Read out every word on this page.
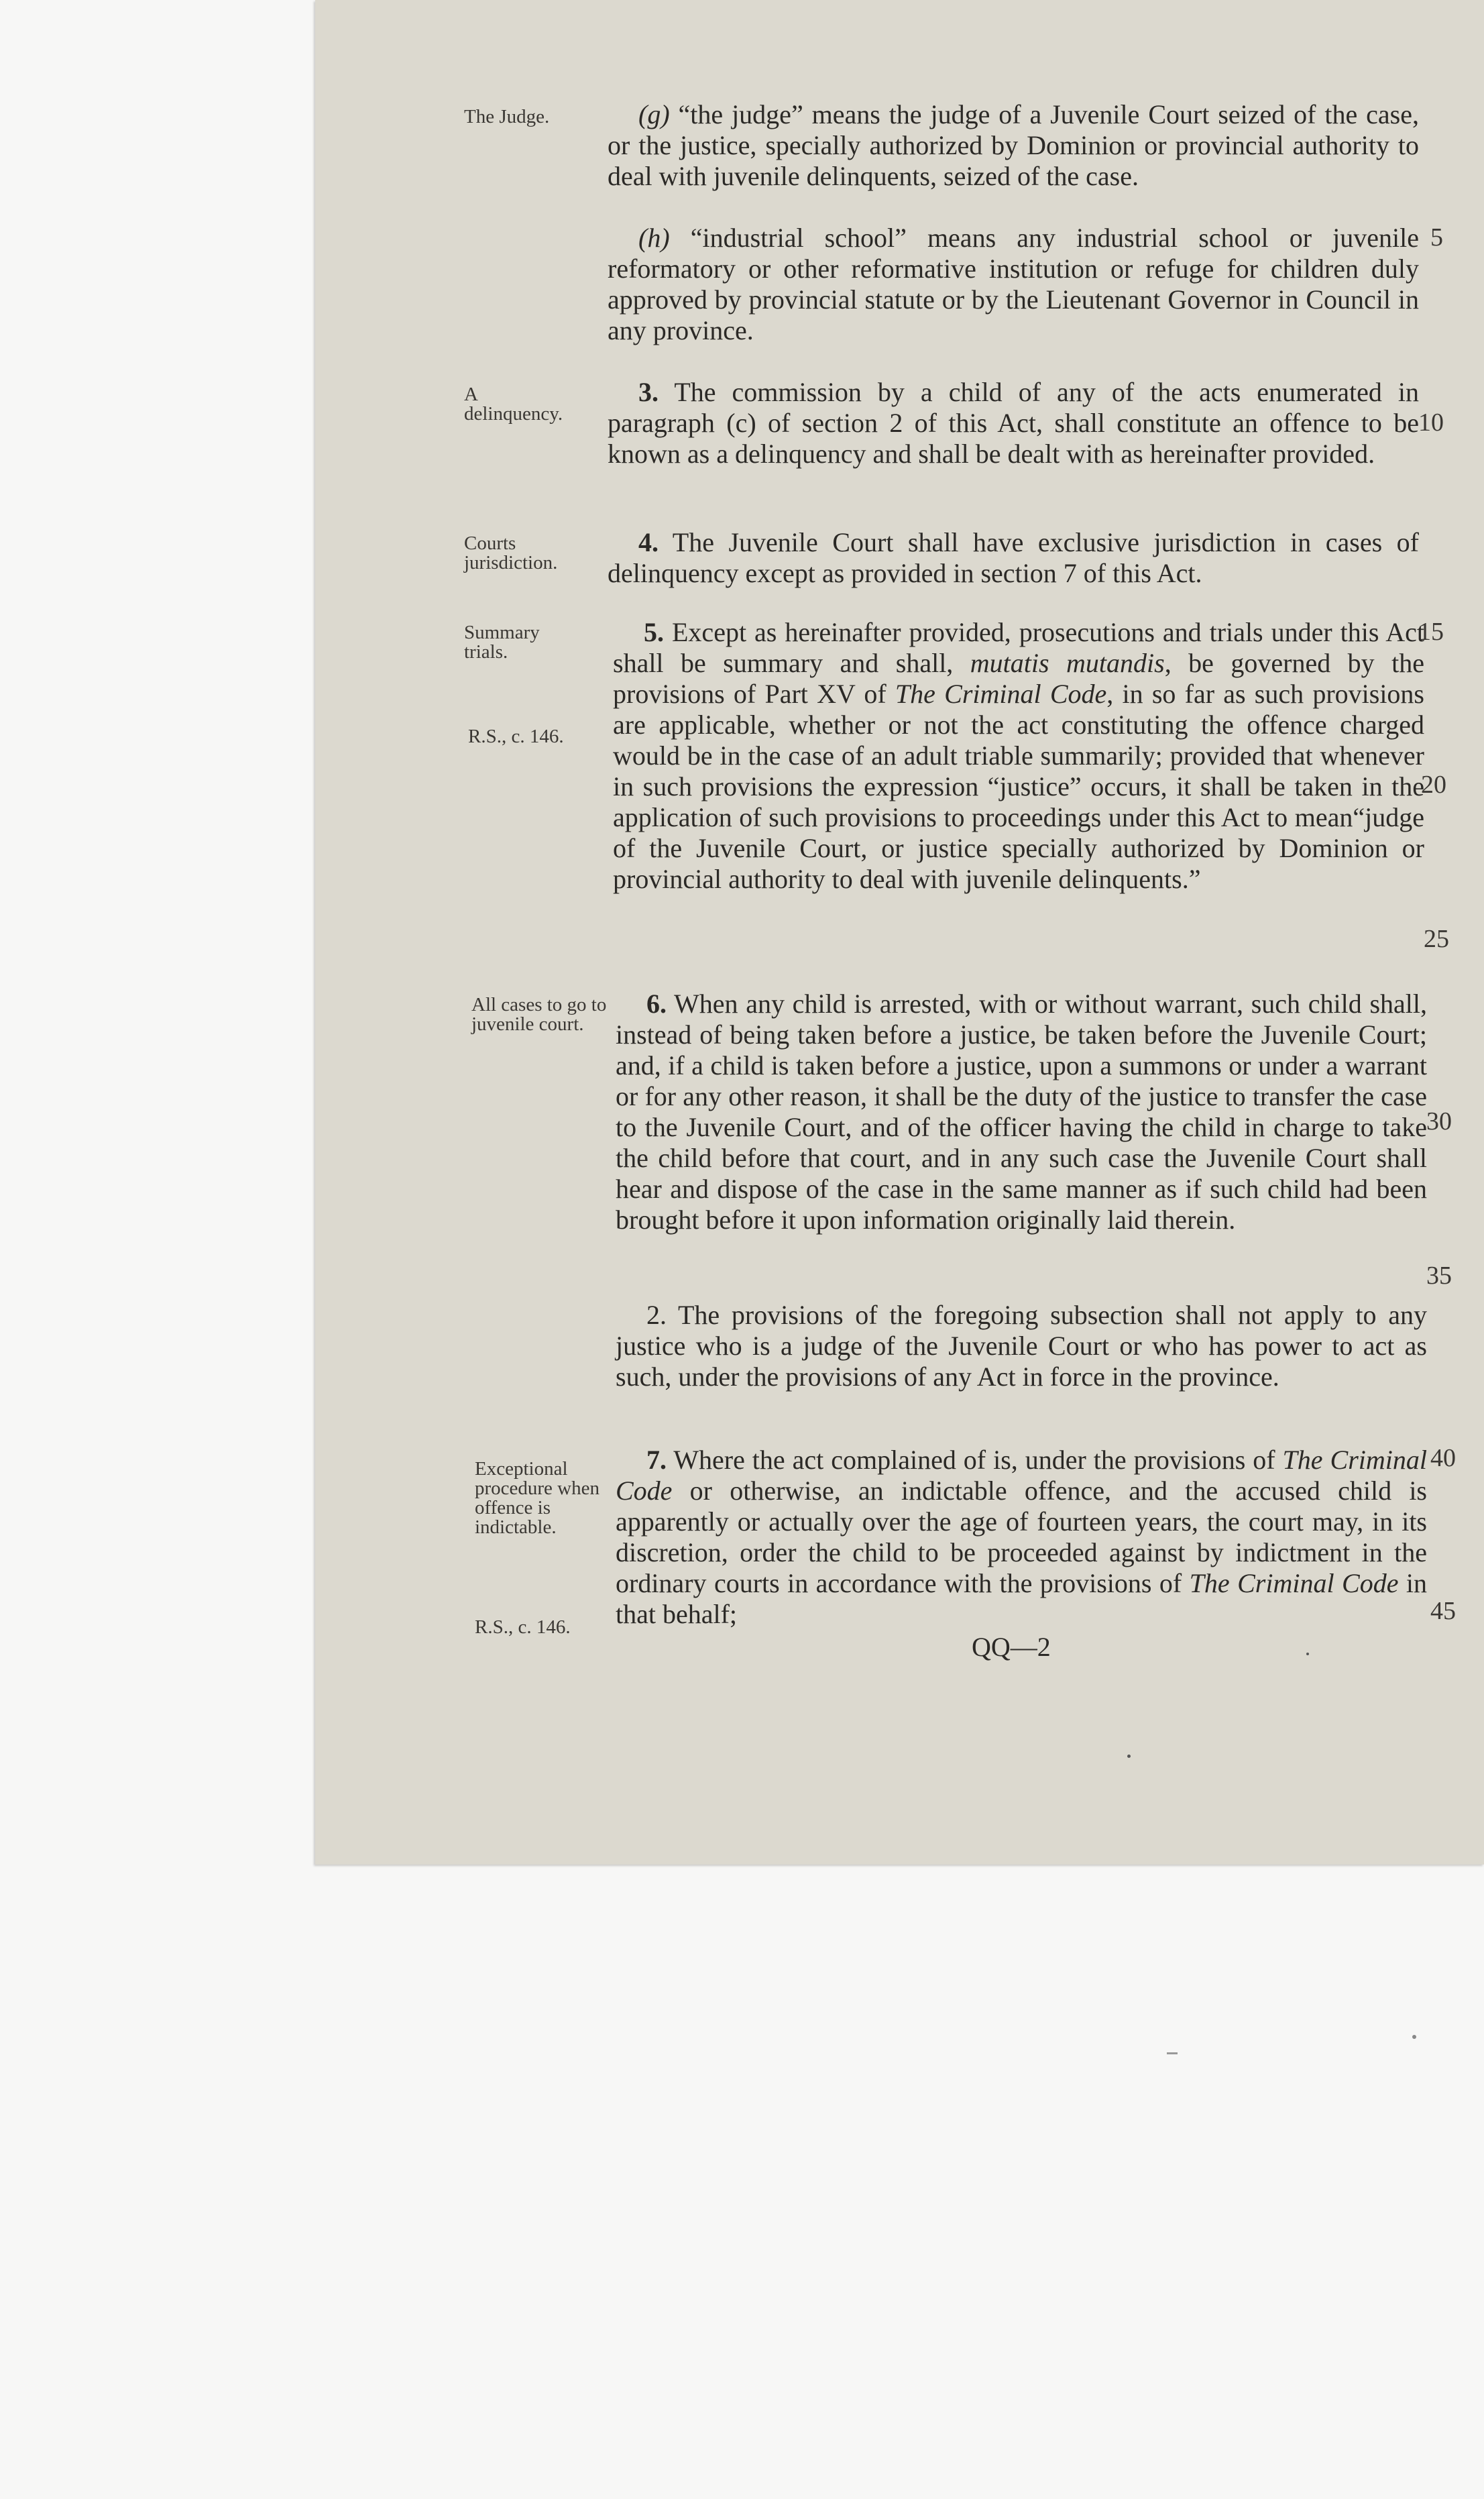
The Judge.

A delinquency.

Courts jurisdiction.

Summary trials.

R.S., c. 146.

All cases to go to juvenile court.

Exceptional procedure when offence is indictable.

R.S., c. 146.

(g) “the judge” means the judge of a Juvenile Court seized of the case, or the justice, specially authorized by Dominion or provincial authority to deal with juvenile delinquents, seized of the case.

(h) “industrial school” means any industrial school or juvenile reformatory or other reformative institution or refuge for children duly approved by provincial statute or by the Lieutenant Governor in Council in any province.

3. The commission by a child of any of the acts enumerated in paragraph (c) of section 2 of this Act, shall constitute an offence to be known as a delinquency and shall be dealt with as hereinafter provided.

4. The Juvenile Court shall have exclusive jurisdiction in cases of delinquency except as provided in section 7 of this Act.

5. Except as hereinafter provided, prosecutions and trials under this Act shall be summary and shall, mutatis mutandis, be governed by the provisions of Part XV of The Criminal Code, in so far as such provisions are applicable, whether or not the act constituting the offence charged would be in the case of an adult triable summarily; provided that whenever in such provisions the expression “justice” occurs, it shall be taken in the application of such provisions to proceedings under this Act to mean“judge of the Juvenile Court, or justice specially authorized by Dominion or provincial authority to deal with juvenile delinquents.”

6. When any child is arrested, with or without warrant, such child shall, instead of being taken before a justice, be taken before the Juvenile Court; and, if a child is taken before a justice, upon a summons or under a warrant or for any other reason, it shall be the duty of the justice to transfer the case to the Juvenile Court, and of the officer having the child in charge to take the child before that court, and in any such case the Juvenile Court shall hear and dispose of the case in the same manner as if such child had been brought before it upon information originally laid therein.

2. The provisions of the foregoing subsection shall not apply to any justice who is a judge of the Juvenile Court or who has power to act as such, under the provisions of any Act in force in the province.

7. Where the act complained of is, under the provisions of The Criminal Code or otherwise, an indictable offence, and the accused child is apparently or actually over the age of fourteen years, the court may, in its discretion, order the child to be proceeded against by indictment in the ordinary courts in accordance with the provisions of The Criminal Code in that behalf;

5
10
15
20
25
30
35
40
45
QQ—2
